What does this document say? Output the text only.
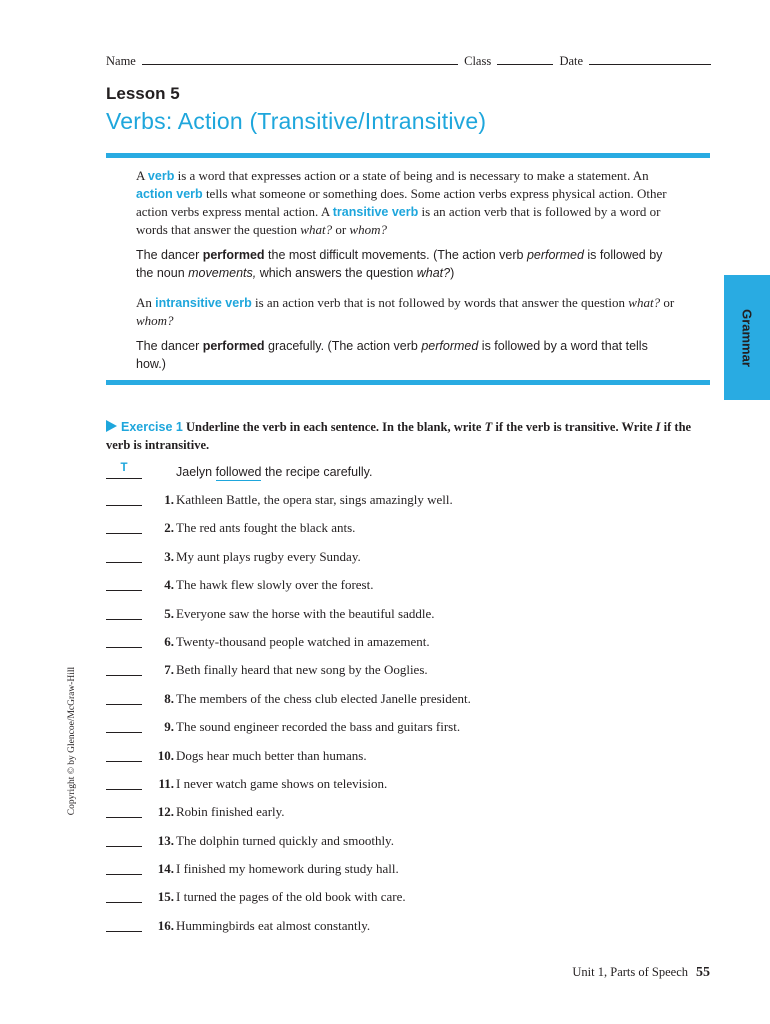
Name	Class	Date
Lesson 5
Verbs: Action (Transitive/Intransitive)
A verb is a word that expresses action or a state of being and is necessary to make a statement. An action verb tells what someone or something does. Some action verbs express physical action. Other action verbs express mental action. A transitive verb is an action verb that is followed by a word or words that answer the question what? or whom?
The dancer performed the most difficult movements. (The action verb performed is followed by the noun movements, which answers the question what?)
An intransitive verb is an action verb that is not followed by words that answer the question what? or whom?
The dancer performed gracefully. (The action verb performed is followed by a word that tells how.)	Grammar
Copyright © by Glencoe/McGraw-Hill
Exercise 1 Underline the verb in each sentence. In the blank, write T if the verb is transitive. Write I if the verb is intransitive.
T	Jaelyn followed the recipe carefully.
1. Kathleen Battle, the opera star, sings amazingly well.
2. The red ants fought the black ants.
3. My aunt plays rugby every Sunday.
4. The hawk flew slowly over the forest.
5. Everyone saw the horse with the beautiful saddle.
6. Twenty-thousand people watched in amazement.
7. Beth finally heard that new song by the Ooglies.
8. The members of the chess club elected Janelle president.
9. The sound engineer recorded the bass and guitars first.
10. Dogs hear much better than humans.
11. I never watch game shows on television.
12. Robin finished early.
13. The dolphin turned quickly and smoothly.
14. I finished my homework during study hall.
15. I turned the pages of the old book with care.
16. Hummingbirds eat almost constantly.
Unit 1, Parts of Speech 55
